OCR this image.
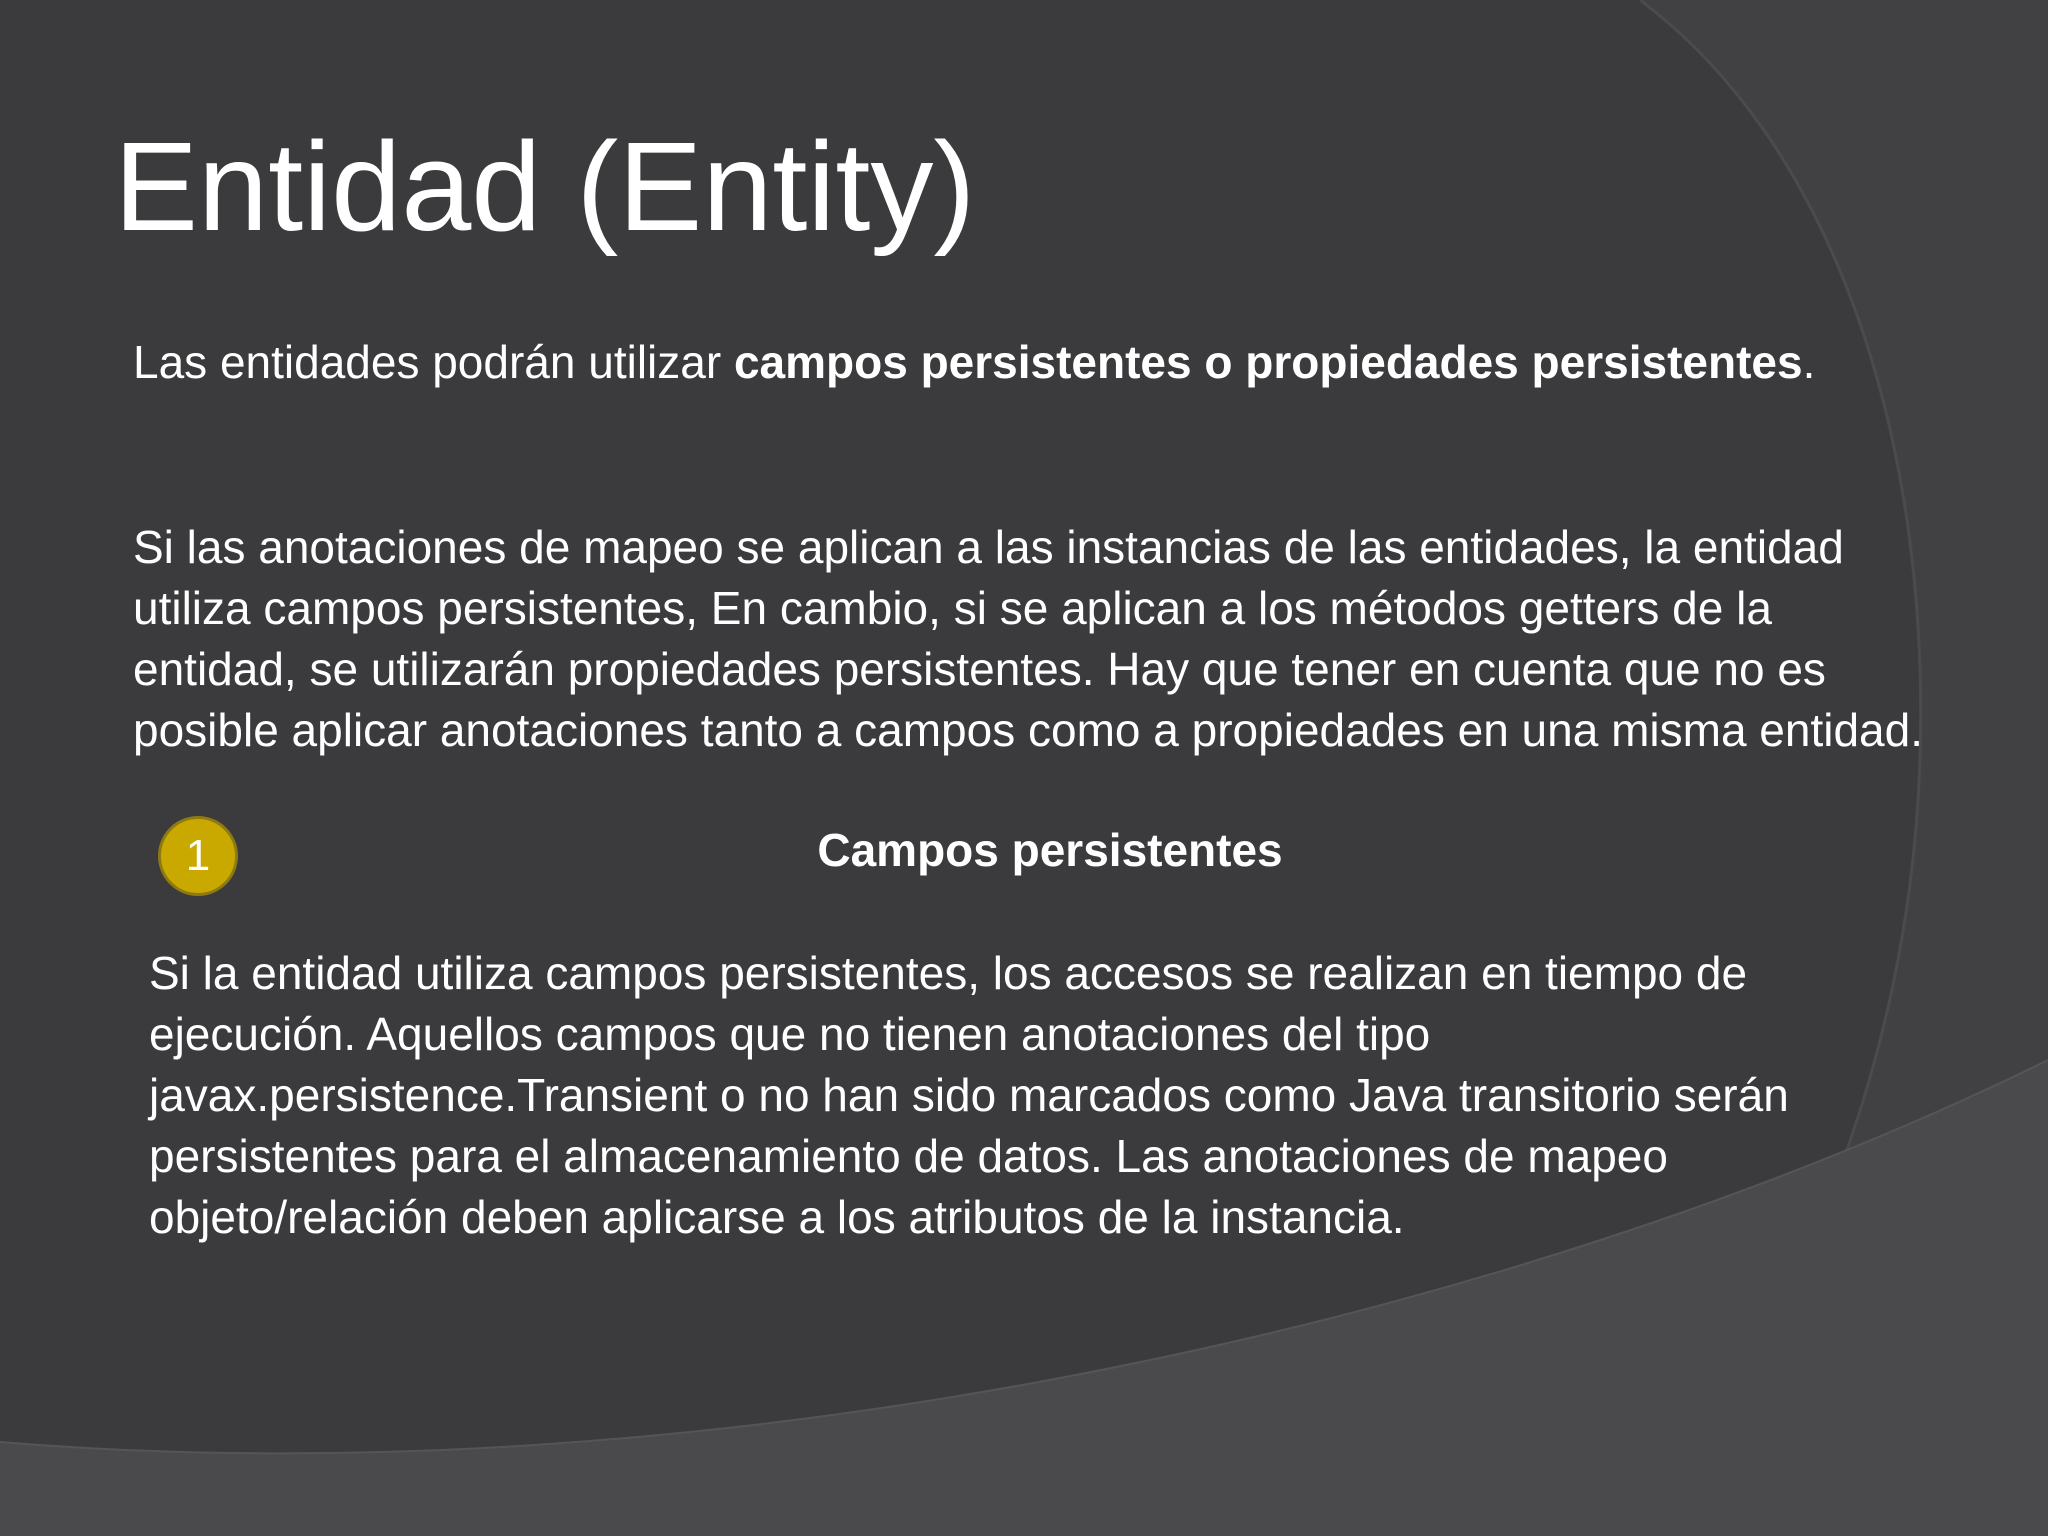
Entidad (Entity)

Las entidades podrán utilizar campos persistentes o propiedades persistentes.

Si las anotaciones de mapeo se aplican a las instancias de las entidades, la entidad utiliza campos persistentes, En cambio, si se aplican a los métodos getters de la entidad, se utilizarán propiedades persistentes. Hay que tener en cuenta que no es posible aplicar anotaciones tanto a campos como a propiedades en una misma entidad.

1	Campos persistentes

Si la entidad utiliza campos persistentes, los accesos se realizan en tiempo de ejecución. Aquellos campos que no tienen anotaciones del tipo javax.persistence.Transient o no han sido marcados como Java transitorio serán persistentes para el almacenamiento de datos. Las anotaciones de mapeo objeto/relación deben aplicarse a los atributos de la instancia.
